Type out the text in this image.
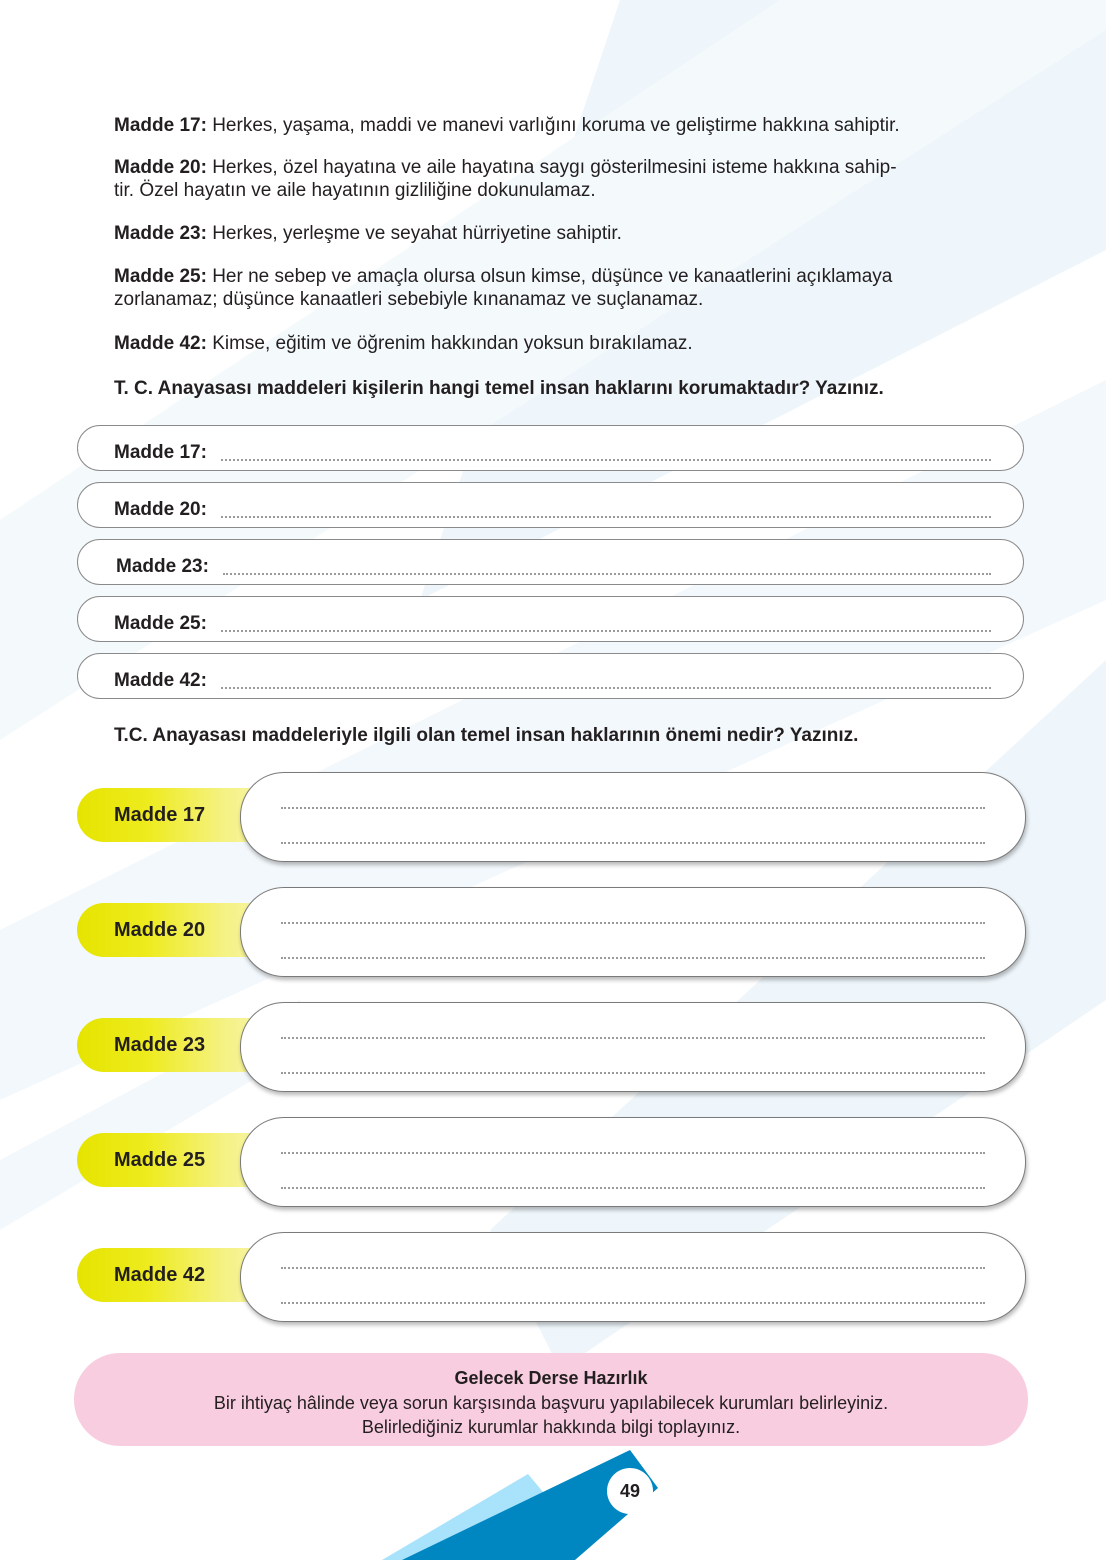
Madde 17: Herkes, yaşama, maddi ve manevi varlığını koruma ve geliştirme hakkına sahiptir.
Madde 20: Herkes, özel hayatına ve aile hayatına saygı gösterilmesini isteme hakkına sahip-
tir. Özel hayatın ve aile hayatının gizliliğine dokunulamaz.
Madde 23: Herkes, yerleşme ve seyahat hürriyetine sahiptir.
Madde 25: Her ne sebep ve amaçla olursa olsun kimse, düşünce ve kanaatlerini açıklamaya
zorlanamaz; düşünce kanaatleri sebebiyle kınanamaz ve suçlanamaz.
Madde 42: Kimse, eğitim ve öğrenim hakkından yoksun bırakılamaz.
T. C. Anayasası maddeleri kişilerin hangi temel insan haklarını korumaktadır? Yazınız.
Madde 17:
Madde 20:
Madde 23:
Madde 25:
Madde 42:
T.C. Anayasası maddeleriyle ilgili olan temel insan haklarının önemi nedir? Yazınız.
Madde 17
Madde 20
Madde 23
Madde 25
Madde 42
Gelecek Derse Hazırlık
Bir ihtiyaç hâlinde veya sorun karşısında başvuru yapılabilecek kurumları belirleyiniz.
Belirlediğiniz kurumlar hakkında bilgi toplayınız.
49
